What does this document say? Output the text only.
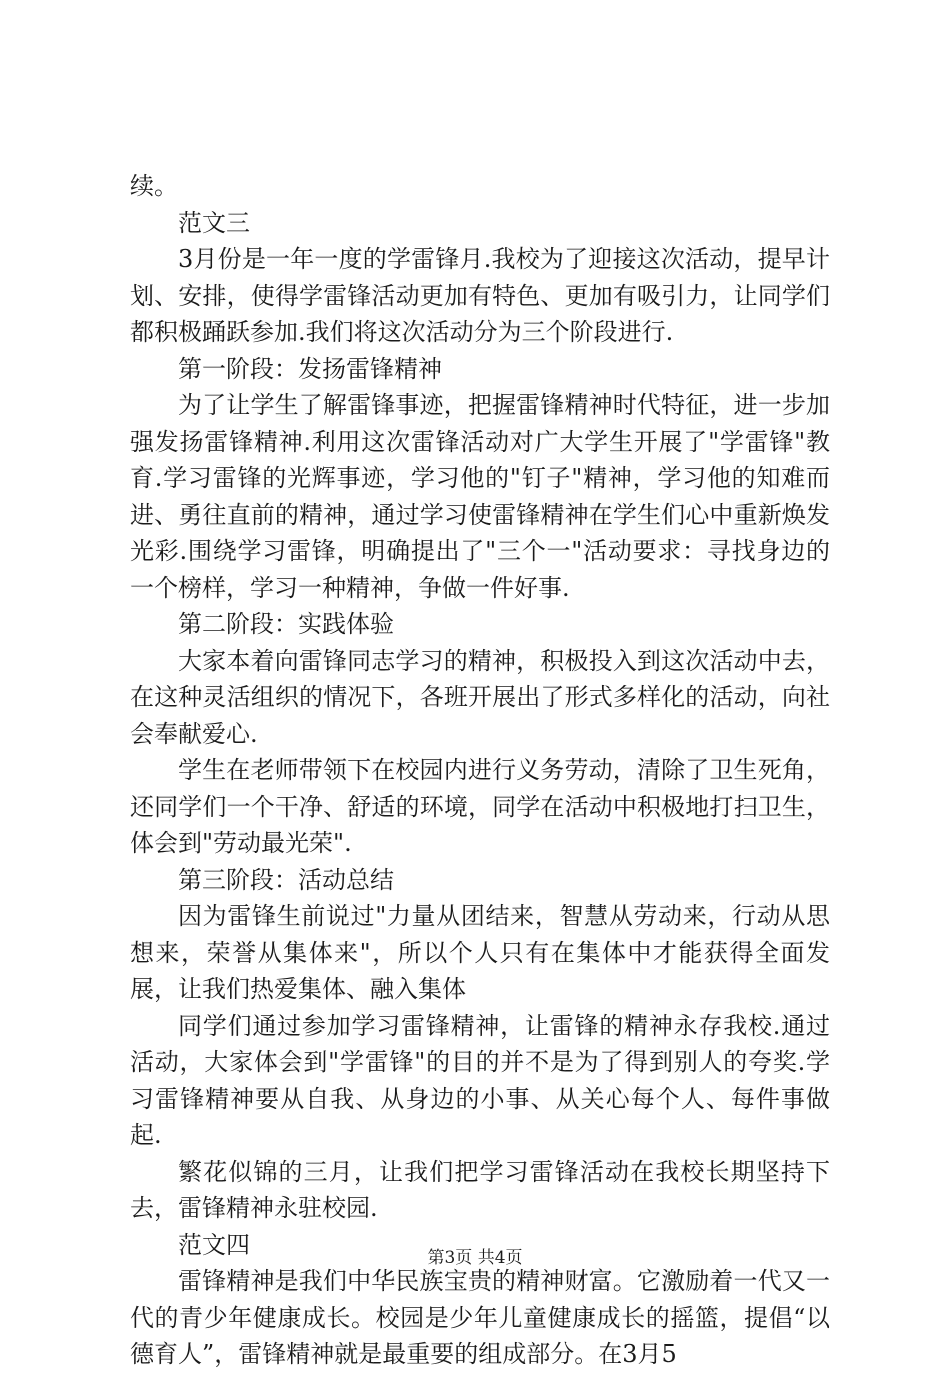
续。

范文三

3月份是一年一度的学雷锋月.我校为了迎接这次活动，提早计划、安排，使得学雷锋活动更加有特色、更加有吸引力，让同学们都积极踊跃参加.我们将这次活动分为三个阶段进行.

第一阶段：发扬雷锋精神

为了让学生了解雷锋事迹，把握雷锋精神时代特征，进一步加强发扬雷锋精神.利用这次雷锋活动对广大学生开展了"学雷锋"教育.学习雷锋的光辉事迹，学习他的"钉子"精神，学习他的知难而进、勇往直前的精神，通过学习使雷锋精神在学生们心中重新焕发光彩.围绕学习雷锋，明确提出了"三个一"活动要求：寻找身边的一个榜样，学习一种精神，争做一件好事.

第二阶段：实践体验

大家本着向雷锋同志学习的精神，积极投入到这次活动中去，在这种灵活组织的情况下，各班开展出了形式多样化的活动，向社会奉献爱心.

学生在老师带领下在校园内进行义务劳动，清除了卫生死角，还同学们一个干净、舒适的环境，同学在活动中积极地打扫卫生，体会到"劳动最光荣".

第三阶段：活动总结

因为雷锋生前说过"力量从团结来，智慧从劳动来，行动从思想来，荣誉从集体来"，所以个人只有在集体中才能获得全面发展，让我们热爱集体、融入集体

同学们通过参加学习雷锋精神，让雷锋的精神永存我校.通过活动，大家体会到"学雷锋"的目的并不是为了得到别人的夸奖.学习雷锋精神要从自我、从身边的小事、从关心每个人、每件事做起.

繁花似锦的三月，让我们把学习雷锋活动在我校长期坚持下去，雷锋精神永驻校园.

范文四

雷锋精神是我们中华民族宝贵的精神财富。它激励着一代又一代的青少年健康成长。校园是少年儿童健康成长的摇篮，提倡“以德育人”，雷锋精神就是最重要的组成部分。在3月5

第3页 共4页
